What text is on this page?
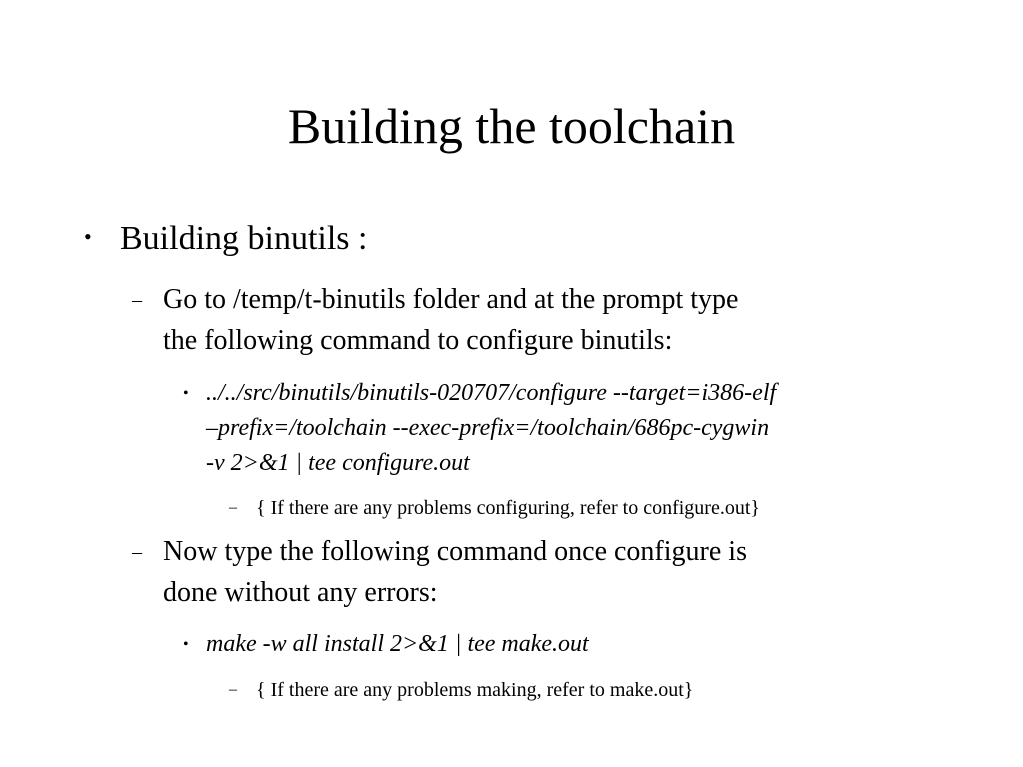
Building the toolchain
• Building binutils :
– Go to /temp/t-binutils folder and at the prompt type
the following command to configure binutils:
• ../../src/binutils/binutils-020707/configure --target=i386-elf
–prefix=/toolchain --exec-prefix=/toolchain/686pc-cygwin
-v 2>&1 | tee configure.out
– { If there are any problems configuring, refer to configure.out}
– Now type the following command once configure is
done without any errors:
• make -w all install 2>&1 | tee make.out
– { If there are any problems making, refer to make.out}
